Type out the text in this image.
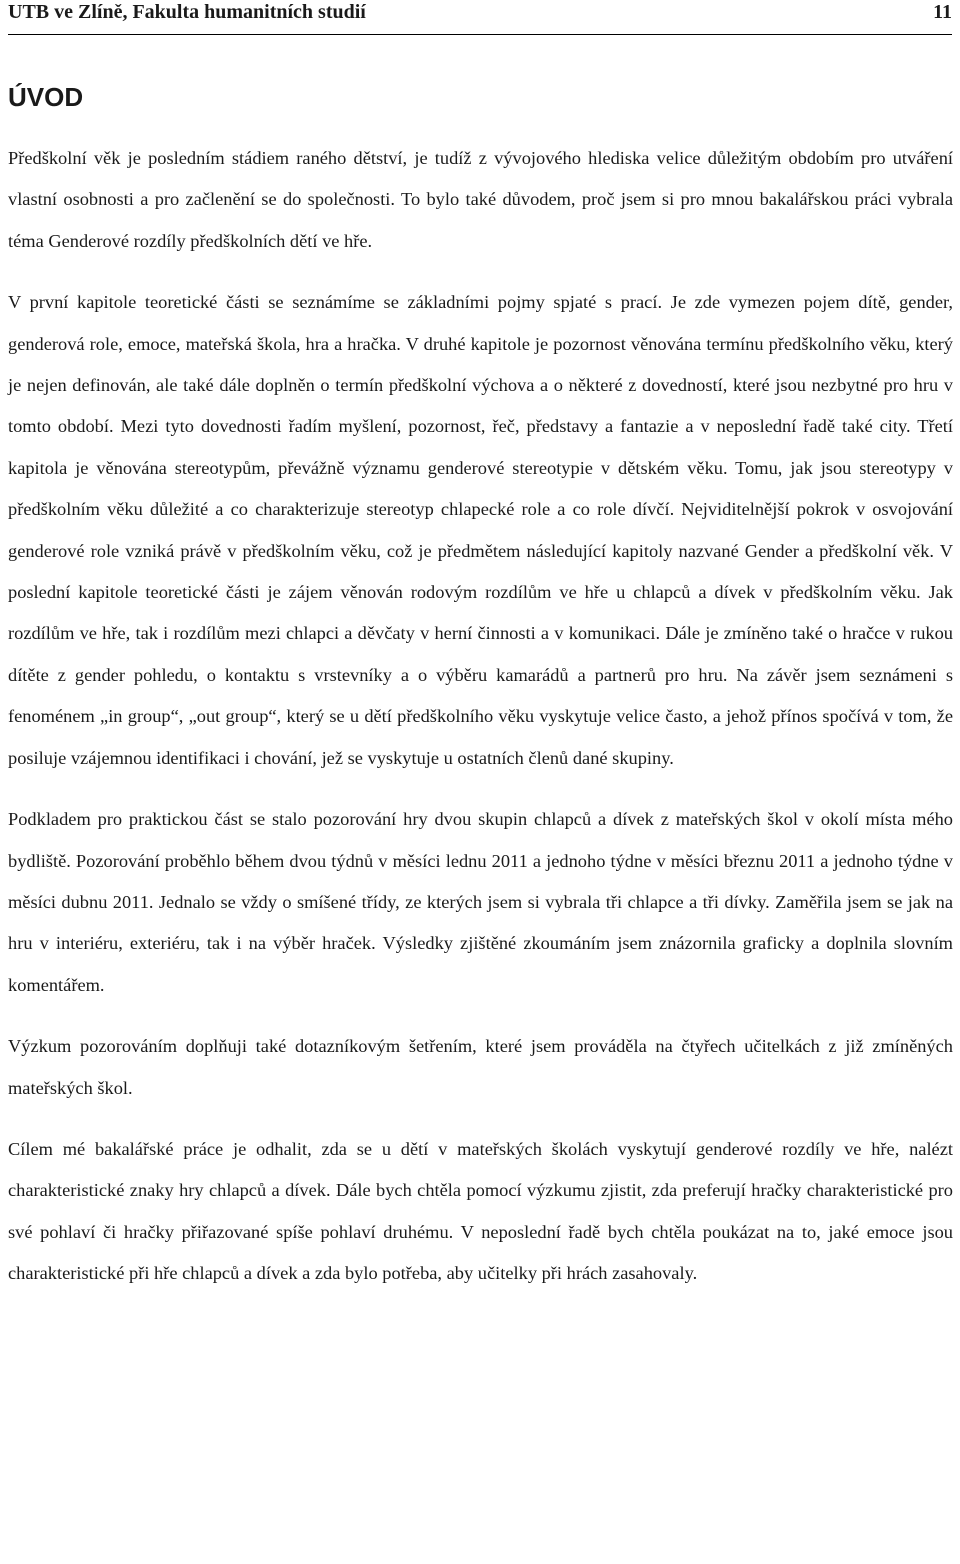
UTB ve Zlíně, Fakulta humanitních studií	11
ÚVOD

Předškolní věk je posledním stádiem raného dětství, je tudíž z vývojového hlediska velice důležitým obdobím pro utváření vlastní osobnosti a pro začlenění se do společnosti. To bylo také důvodem, proč jsem si pro mnou bakalářskou práci vybrala téma Genderové rozdíly předškolních dětí ve hře.

V první kapitole teoretické části se seznámíme se základními pojmy spjaté s prací. Je zde vymezen pojem dítě, gender, genderová role, emoce, mateřská škola, hra a hračka. V druhé kapitole je pozornost věnována termínu předškolního věku, který je nejen definován, ale také dále doplněn o termín předškolní výchova a o některé z dovedností, které jsou nezbytné pro hru v tomto období. Mezi tyto dovednosti řadím myšlení, pozornost, řeč, představy a fantazie a v neposlední řadě také city. Třetí kapitola je věnována stereotypům, převážně významu genderové stereotypie v dětském věku. Tomu, jak jsou stereotypy v předškolním věku důležité a co charakterizuje stereotyp chlapecké role a co role dívčí. Nejviditelnější pokrok v osvojování genderové role vzniká právě v předškolním věku, což je předmětem následující kapitoly nazvané Gender a předškolní věk. V poslední kapitole teoretické části je zájem věnován rodovým rozdílům ve hře u chlapců a dívek v předškolním věku. Jak rozdílům ve hře, tak i rozdílům mezi chlapci a děvčaty v herní činnosti a v komunikaci. Dále je zmíněno také o hračce v rukou dítěte z gender pohledu, o kontaktu s vrstevníky a o výběru kamarádů a partnerů pro hru. Na závěr jsem seznámeni s fenoménem „in group“, „out group“, který se u dětí předškolního věku vyskytuje velice často, a jehož přínos spočívá v tom, že posiluje vzájemnou identifikaci i chování, jež se vyskytuje u ostatních členů dané skupiny.

Podkladem pro praktickou část se stalo pozorování hry dvou skupin chlapců a dívek z mateřských škol v okolí místa mého bydliště. Pozorování proběhlo během dvou týdnů v měsíci lednu 2011 a jednoho týdne v měsíci březnu 2011 a jednoho týdne v měsíci dubnu 2011. Jednalo se vždy o smíšené třídy, ze kterých jsem si vybrala tři chlapce a tři dívky. Zaměřila jsem se jak na hru v interiéru, exteriéru, tak i na výběr hraček. Výsledky zjištěné zkoumáním jsem znázornila graficky a doplnila slovním komentářem.

Výzkum pozorováním doplňuji také dotazníkovým šetřením, které jsem prováděla na čtyřech učitelkách z již zmíněných mateřských škol.

Cílem mé bakalářské práce je odhalit, zda se u dětí v mateřských školách vyskytují genderové rozdíly ve hře, nalézt charakteristické znaky hry chlapců a dívek. Dále bych chtěla pomocí výzkumu zjistit, zda preferují hračky charakteristické pro své pohlaví či hračky přiřazované spíše pohlaví druhému. V neposlední řadě bych chtěla poukázat na to, jaké emoce jsou charakteristické při hře chlapců a dívek a zda bylo potřeba, aby učitelky při hrách zasahovaly.
